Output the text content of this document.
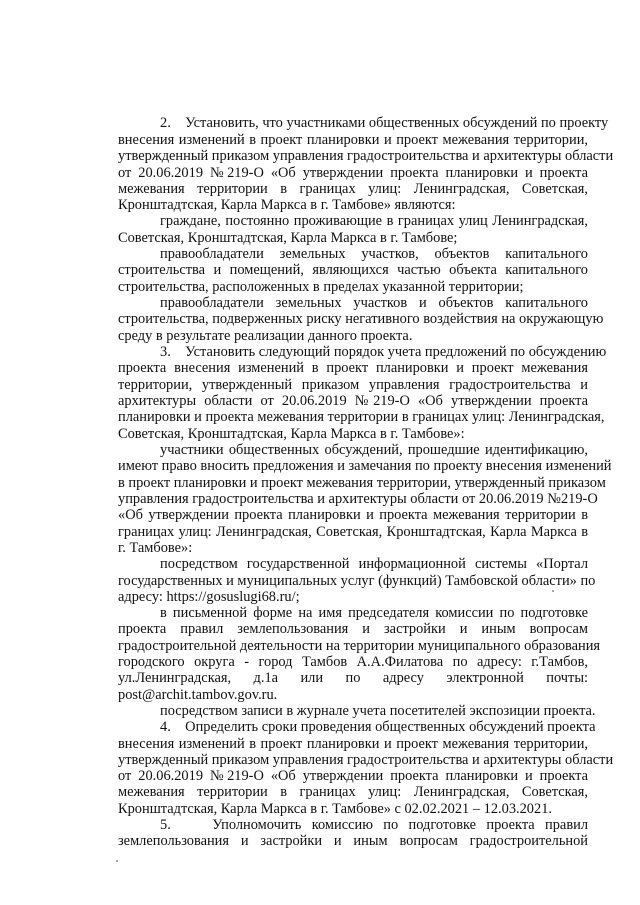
2.    Установить, что участниками общественных обсуждений по проекту
внесения изменений в проект планировки и проект межевания территории,
утвержденный приказом управления градостроительства и архитектуры области
от 20.06.2019 №219-О «Об утверждении проекта планировки и проекта
межевания территории в границах улиц: Ленинградская, Советская,
Кронштадтская, Карла Маркса в г. Тамбове» являются:
граждане, постоянно проживающие в границах улиц Ленинградская,
Советская, Кронштадтская, Карла Маркса в г. Тамбове;
правообладатели земельных участков, объектов капитального
строительства и помещений, являющихся частью объекта капитального
строительства, расположенных в пределах указанной территории;
правообладатели земельных участков и объектов капитального
строительства, подверженных риску негативного воздействия на окружающую
среду в результате реализации данного проекта.
3.    Установить следующий порядок учета предложений по обсуждению
проекта внесения изменений в проект планировки и проект межевания
территории, утвержденный приказом управления градостроительства и
архитектуры области от 20.06.2019 №219-О «Об утверждении проекта
планировки и проекта межевания территории в границах улиц: Ленинградская,
Советская, Кронштадтская, Карла Маркса в г. Тамбове»:
участники общественных обсуждений, прошедшие идентификацию,
имеют право вносить предложения и замечания по проекту внесения изменений
в проект планировки и проект межевания территории, утвержденный приказом
управления градостроительства и архитектуры области от 20.06.2019 №219-О
«Об утверждении проекта планировки и проекта межевания территории в
границах улиц: Ленинградская, Советская, Кронштадтская, Карла Маркса в
г. Тамбове»:
посредством государственной информационной системы «Портал
государственных и муниципальных услуг (функций) Тамбовской области» по
адресу: https://gosuslugi68.ru/;
в письменной форме на имя председателя комиссии по подготовке
проекта правил землепользования и застройки и иным вопросам
градостроительной деятельности на территории муниципального образования
городского округа - город Тамбов А.А.Филатова по адресу: г.Тамбов,
ул.Ленинградская, д.1а или по адресу электронной почты:
post@archit.tambov.gov.ru.
посредством записи в журнале учета посетителей экспозиции проекта.
4.    Определить сроки проведения общественных обсуждений проекта
внесения изменений в проект планировки и проект межевания территории,
утвержденный приказом управления градостроительства и архитектуры области
от 20.06.2019 №219-О «Об утверждении проекта планировки и проекта
межевания территории в границах улиц: Ленинградская, Советская,
Кронштадтская, Карла Маркса в г. Тамбове» с 02.02.2021 – 12.03.2021.
5.    Уполномочить комиссию по подготовке проекта правил
землепользования и застройки и иным вопросам градостроительной
